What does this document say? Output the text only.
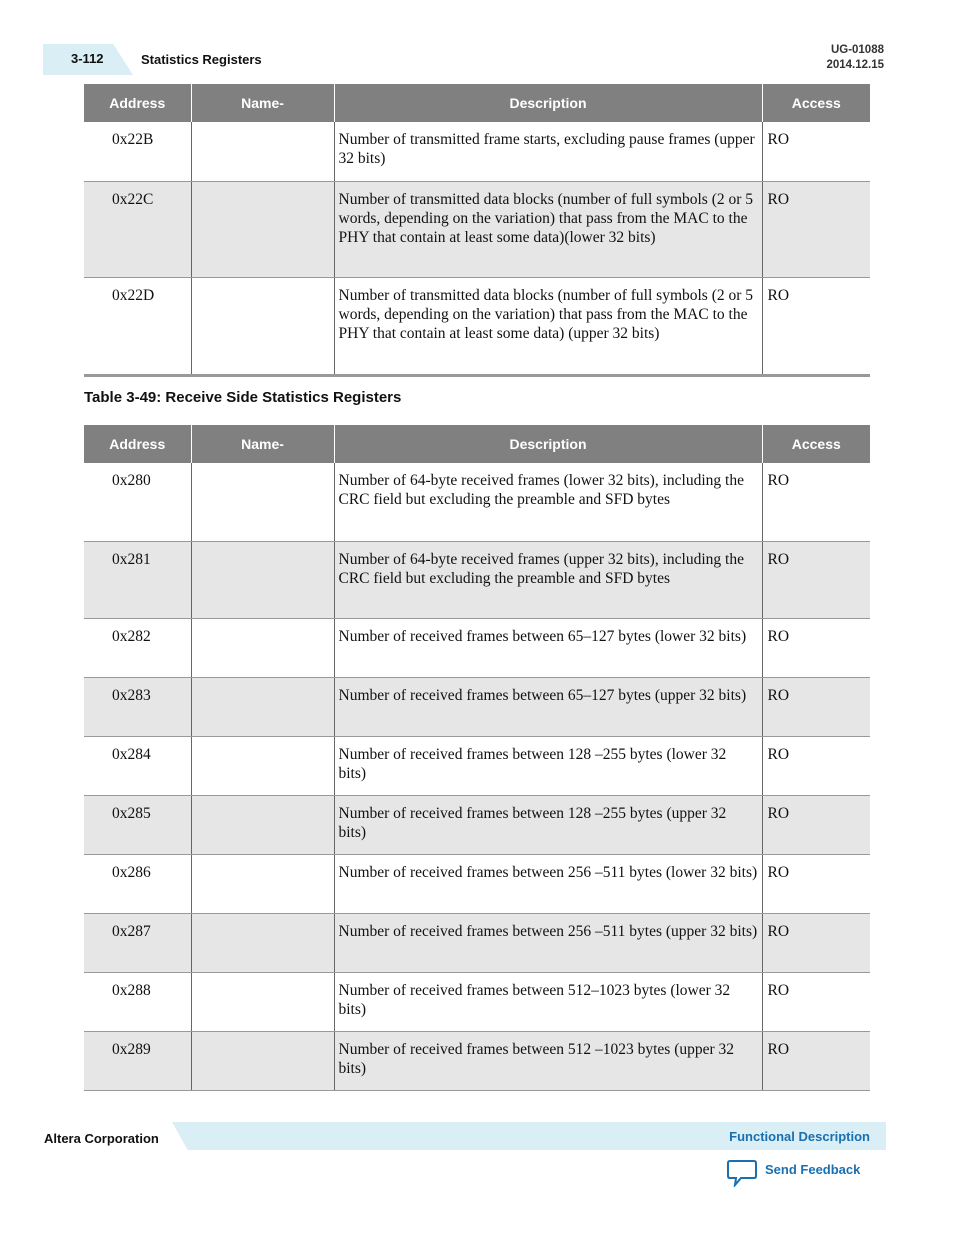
3-112	Statistics Registers
UG-01088
2014.12.15
Address	Name-	Description	Access
0x22B		Number of transmitted frame starts, excluding pause frames (upper 32 bits)	RO
0x22C		Number of transmitted data blocks (number of full symbols (2 or 5 words, depending on the variation) that pass from the MAC to the PHY that contain at least some data)(lower 32 bits)	RO
0x22D		Number of transmitted data blocks (number of full symbols (2 or 5 words, depending on the variation) that pass from the MAC to the PHY that contain at least some data) (upper 32 bits)	RO
Table 3-49: Receive Side Statistics Registers
Address	Name-	Description	Access
0x280		Number of 64-byte received frames (lower 32 bits), including the CRC field but excluding the preamble and SFD bytes	RO
0x281		Number of 64-byte received frames (upper 32 bits), including the CRC field but excluding the preamble and SFD bytes	RO
0x282		Number of received frames between 65–127 bytes (lower 32 bits)	RO
0x283		Number of received frames between 65–127 bytes (upper 32 bits)	RO
0x284		Number of received frames between 128 –255 bytes (lower 32 bits)	RO
0x285		Number of received frames between 128 –255 bytes (upper 32 bits)	RO
0x286		Number of received frames between 256 –511 bytes (lower 32 bits)	RO
0x287		Number of received frames between 256 –511 bytes (upper 32 bits)	RO
0x288		Number of received frames between 512–1023 bytes (lower 32 bits)	RO
0x289		Number of received frames between 512 –1023 bytes (upper 32 bits)	RO
Altera Corporation	Functional Description
Send Feedback
